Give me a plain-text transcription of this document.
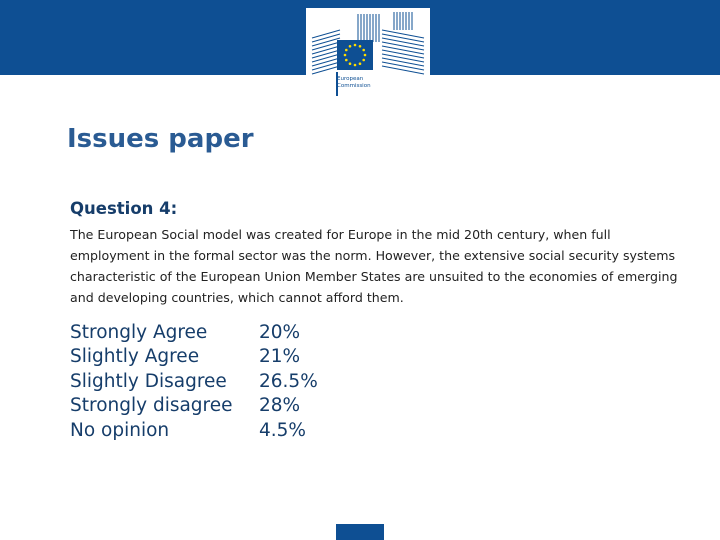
European
Commission
Issues paper
Question 4:

The European Social model was created for Europe in the mid 20th century, when full employment in the formal sector was the norm. However, the extensive social security systems characteristic of the European Union Member States are unsuited to the economies of emerging and developing countries, which cannot afford them.

Strongly Agree	20%
Slightly Agree	21%
Slightly Disagree	26.5%
Strongly disagree	28%
No opinion	4.5%
